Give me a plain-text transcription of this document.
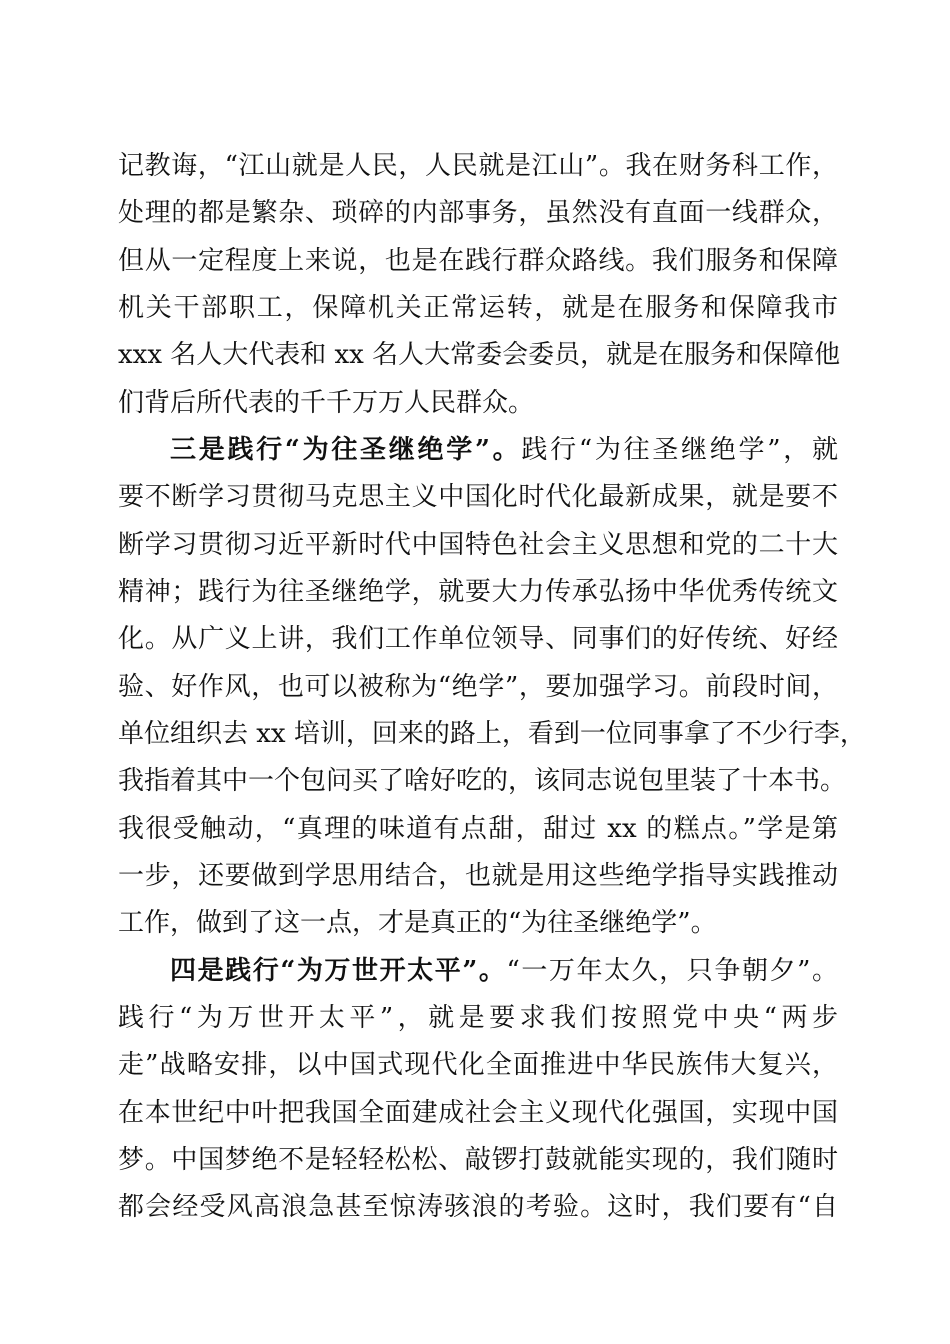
记教诲，“江山就是人民，人民就是江山”。我在财务科工作，
处理的都是繁杂、琐碎的内部事务，虽然没有直面一线群众，
但从一定程度上来说，也是在践行群众路线。我们服务和保障
机关干部职工，保障机关正常运转，就是在服务和保障我市
xxx 名人大代表和 xx 名人大常委会委员，就是在服务和保障他
们背后所代表的千千万万人民群众。
三是践行“为往圣继绝学”。践行“为往圣继绝学”，就
要不断学习贯彻马克思主义中国化时代化最新成果，就是要不
断学习贯彻习近平新时代中国特色社会主义思想和党的二十大
精神；践行为往圣继绝学，就要大力传承弘扬中华优秀传统文
化。从广义上讲，我们工作单位领导、同事们的好传统、好经
验、好作风，也可以被称为“绝学”，要加强学习。前段时间，
单位组织去 xx 培训，回来的路上，看到一位同事拿了不少行李，
我指着其中一个包问买了啥好吃的，该同志说包里装了十本书。
我很受触动，“真理的味道有点甜，甜过 xx 的糕点。”学是第
一步，还要做到学思用结合，也就是用这些绝学指导实践推动
工作，做到了这一点，才是真正的“为往圣继绝学”。
四是践行“为万世开太平”。“一万年太久，只争朝夕”。
践行“为万世开太平”，就是要求我们按照党中央“两步
走”战略安排，以中国式现代化全面推进中华民族伟大复兴，
在本世纪中叶把我国全面建成社会主义现代化强国，实现中国
梦。中国梦绝不是轻轻松松、敲锣打鼓就能实现的，我们随时
都会经受风高浪急甚至惊涛骇浪的考验。这时，我们要有“自
